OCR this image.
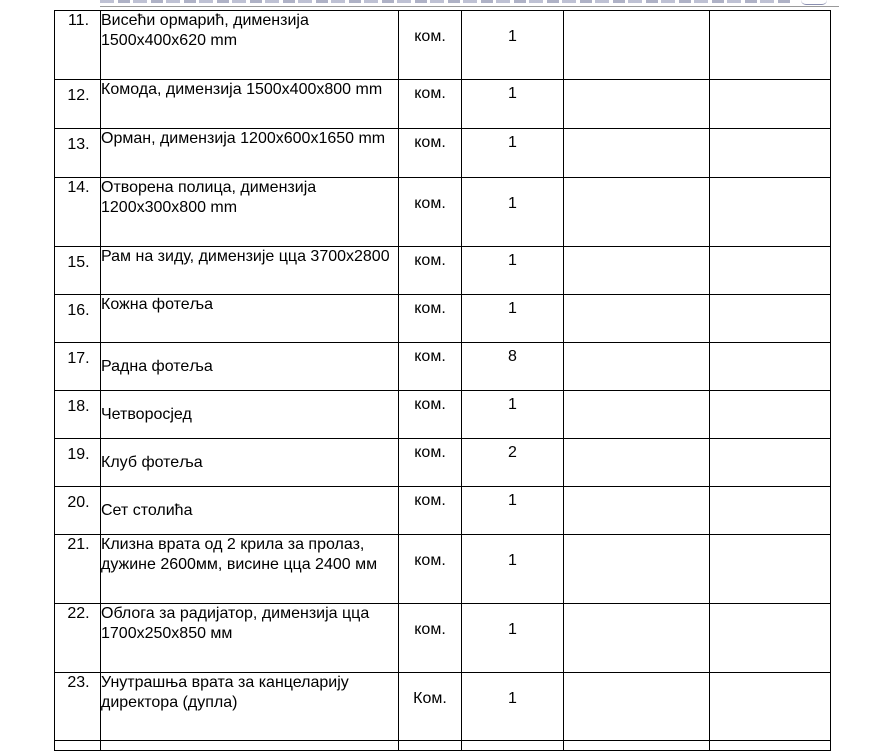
11.	Висећи ормарић, димензија 1500x400x620 mm	ком.	1		
12.	Комода, димензија 1500x400x800 mm	ком.	1		
13.	Орман, димензија 1200x600x1650 mm	ком.	1		
14.	Отворена полица, димензија 1200x300x800 mm	ком.	1		
15.	Рам на зиду, димензије цца 3700x2800	ком.	1		
16.	Кожна фотеља	ком.	1		
17.	Радна фотеља	ком.	8		
18.	Четворосјед	ком.	1		
19.	Клуб фотеља	ком.	2		
20.	Сет столића	ком.	1		
21.	Клизна врата од 2 крила за пролаз, дужине 2600мм, висине цца 2400 мм	ком.	1		
22.	Облога за радијатор, димензија цца 1700x250x850 мм	ком.	1		
23.	Унутрашња врата за канцеларију директора (дупла)	Ком.	1		
